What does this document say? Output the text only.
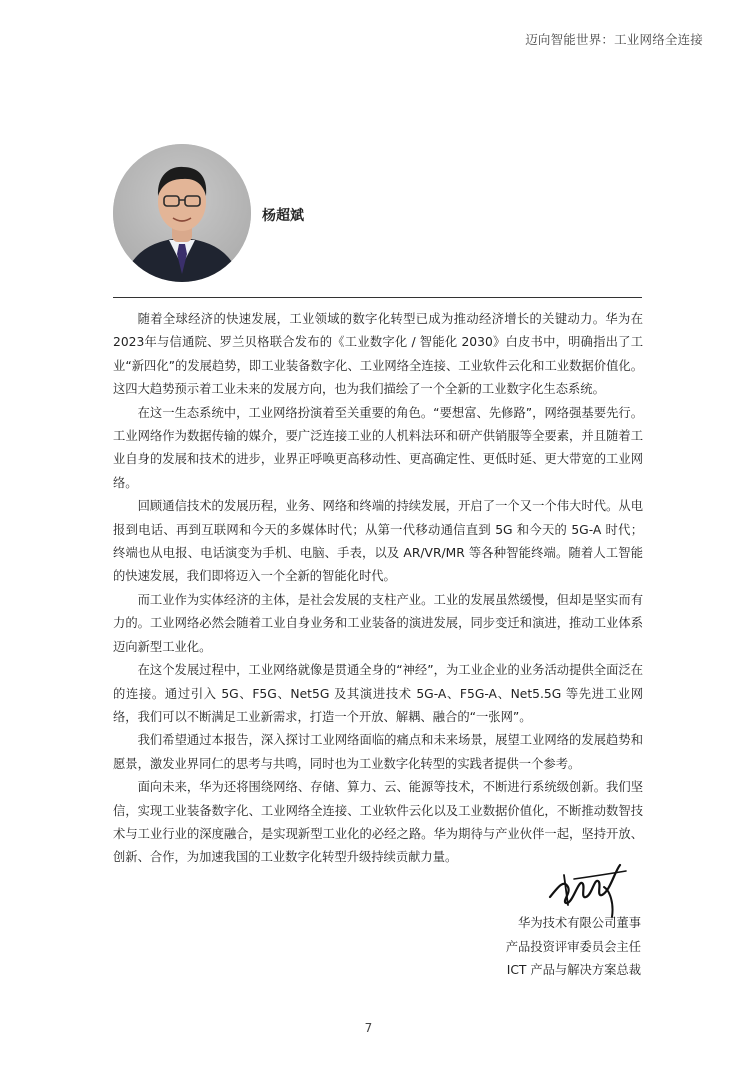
迈向智能世界：工业网络全连接
杨超斌

随着全球经济的快速发展，工业领域的数字化转型已成为推动经济增长的关键动力。华为在2023年与信通院、罗兰贝格联合发布的《工业数字化 / 智能化 2030》白皮书中，明确指出了工业“新四化”的发展趋势，即工业装备数字化、工业网络全连接、工业软件云化和工业数据价值化。这四大趋势预示着工业未来的发展方向，也为我们描绘了一个全新的工业数字化生态系统。

在这一生态系统中，工业网络扮演着至关重要的角色。“要想富、先修路”，网络强基要先行。工业网络作为数据传输的媒介，要广泛连接工业的人机料法环和研产供销服等全要素，并且随着工业自身的发展和技术的进步，业界正呼唤更高移动性、更高确定性、更低时延、更大带宽的工业网络。

回顾通信技术的发展历程，业务、网络和终端的持续发展，开启了一个又一个伟大时代。从电报到电话、再到互联网和今天的多媒体时代；从第一代移动通信直到 5G 和今天的 5G-A 时代；终端也从电报、电话演变为手机、电脑、手表，以及 AR/VR/MR 等各种智能终端。随着人工智能的快速发展，我们即将迈入一个全新的智能化时代。

而工业作为实体经济的主体，是社会发展的支柱产业。工业的发展虽然缓慢，但却是坚实而有力的。工业网络必然会随着工业自身业务和工业装备的演进发展，同步变迁和演进，推动工业体系迈向新型工业化。

在这个发展过程中，工业网络就像是贯通全身的“神经”，为工业企业的业务活动提供全面泛在的连接。通过引入 5G、F5G、Net5G 及其演进技术 5G-A、F5G-A、Net5.5G 等先进工业网络，我们可以不断满足工业新需求，打造一个开放、解耦、融合的“一张网”。

我们希望通过本报告，深入探讨工业网络面临的痛点和未来场景，展望工业网络的发展趋势和愿景，激发业界同仁的思考与共鸣，同时也为工业数字化转型的实践者提供一个参考。

面向未来，华为还将围绕网络、存储、算力、云、能源等技术，不断进行系统级创新。我们坚信，实现工业装备数字化、工业网络全连接、工业软件云化以及工业数据价值化，不断推动数智技术与工业行业的深度融合，是实现新型工业化的必经之路。华为期待与产业伙伴一起，坚持开放、创新、合作，为加速我国的工业数字化转型升级持续贡献力量。

华为技术有限公司董事
产品投资评审委员会主任
ICT 产品与解决方案总裁
7
